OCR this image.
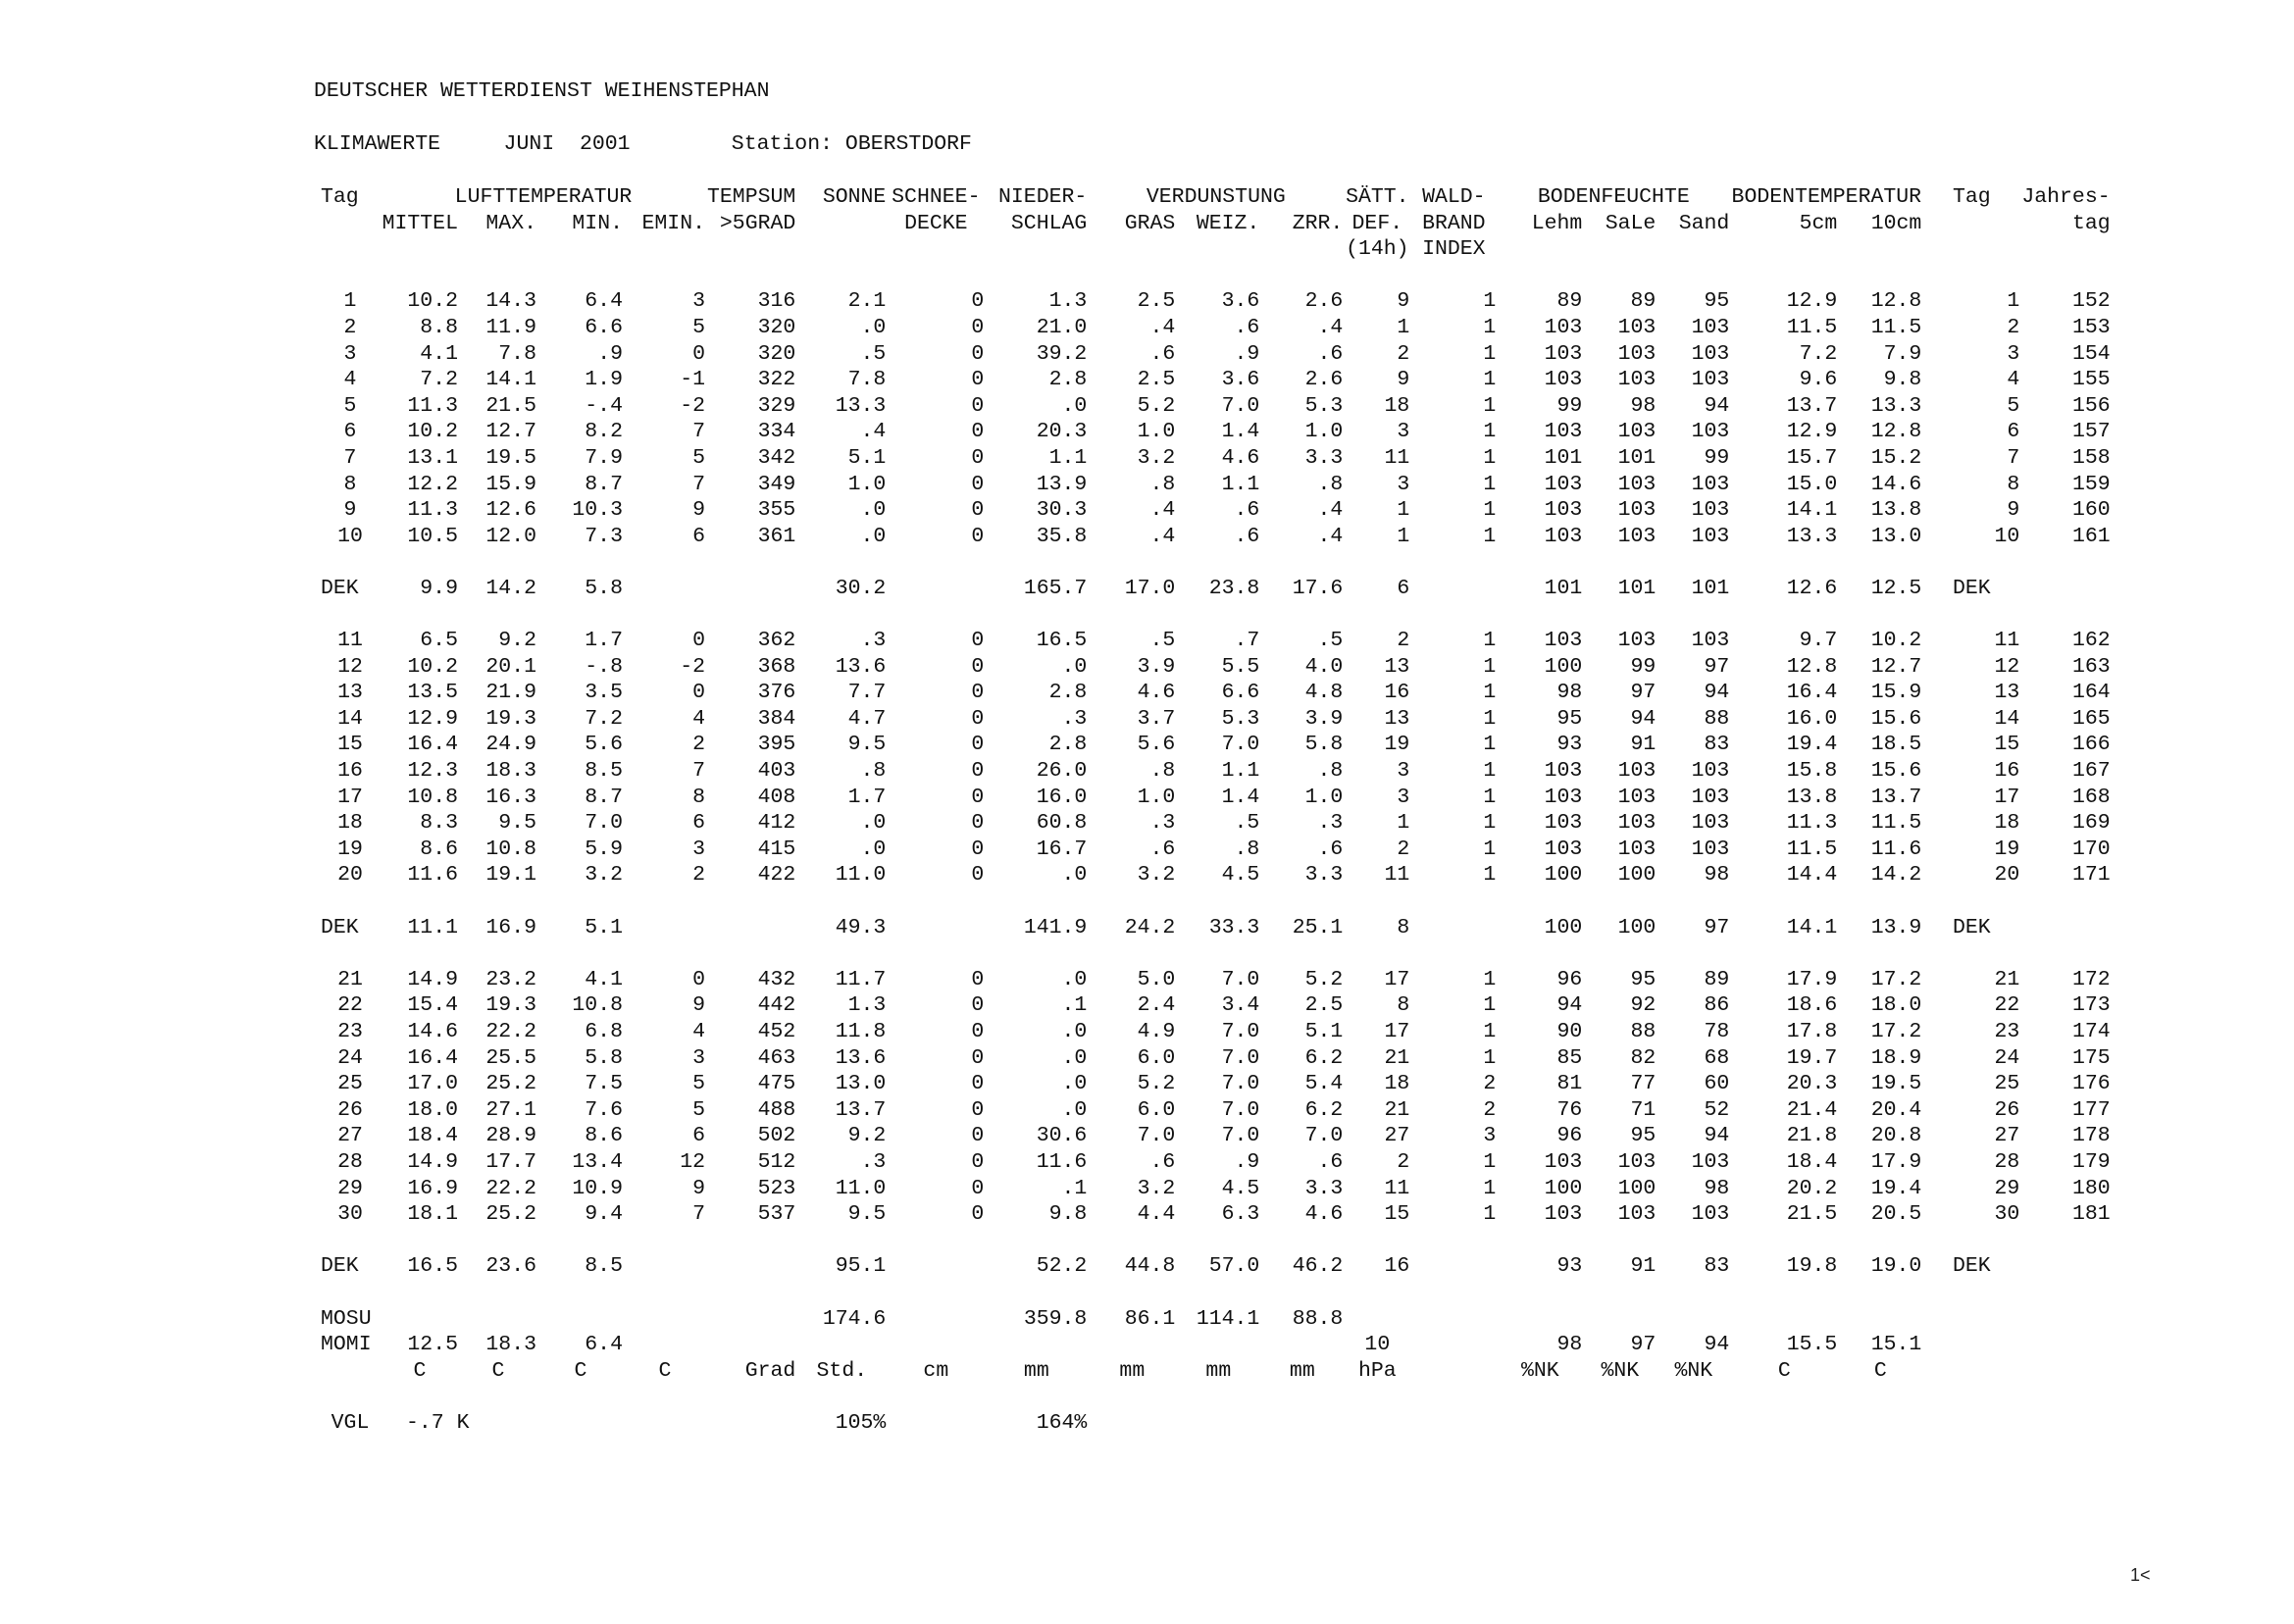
DEUTSCHER WETTERDIENST WEIHENSTEPHAN
KLIMAWERTE	JUNI  2001	Station: OBERSTDORF
Tag	LUFTTEMPERATUR				TEMPSUM	SONNE	SCHNEE-	NIEDER-	VERDUNSTUNG			SÄTT.	WALD-	BODENFEUCHTE			BODENTEMPERATUR		Tag	Jahres-
	MITTEL	MAX.	MIN.	EMIN.	>5GRAD		DECKE	SCHLAG	GRAS	WEIZ.	ZRR.	DEF.	BRAND	Lehm	SaLe	Sand	5cm	10cm		tag
												(14h)	INDEX							

1	10.2	14.3	6.4	3	316	2.1	0	1.3	2.5	3.6	2.6	9	1	89	89	95	12.9	12.8	1	152
2	8.8	11.9	6.6	5	320	.0	0	21.0	.4	.6	.4	1	1	103	103	103	11.5	11.5	2	153
3	4.1	7.8	.9	0	320	.5	0	39.2	.6	.9	.6	2	1	103	103	103	7.2	7.9	3	154
4	7.2	14.1	1.9	-1	322	7.8	0	2.8	2.5	3.6	2.6	9	1	103	103	103	9.6	9.8	4	155
5	11.3	21.5	-.4	-2	329	13.3	0	.0	5.2	7.0	5.3	18	1	99	98	94	13.7	13.3	5	156
6	10.2	12.7	8.2	7	334	.4	0	20.3	1.0	1.4	1.0	3	1	103	103	103	12.9	12.8	6	157
7	13.1	19.5	7.9	5	342	5.1	0	1.1	3.2	4.6	3.3	11	1	101	101	99	15.7	15.2	7	158
8	12.2	15.9	8.7	7	349	1.0	0	13.9	.8	1.1	.8	3	1	103	103	103	15.0	14.6	8	159
9	11.3	12.6	10.3	9	355	.0	0	30.3	.4	.6	.4	1	1	103	103	103	14.1	13.8	9	160
10	10.5	12.0	7.3	6	361	.0	0	35.8	.4	.6	.4	1	1	103	103	103	13.3	13.0	10	161

DEK	9.9	14.2	5.8			30.2		165.7	17.0	23.8	17.6	6		101	101	101	12.6	12.5	DEK	

11	6.5	9.2	1.7	0	362	.3	0	16.5	.5	.7	.5	2	1	103	103	103	9.7	10.2	11	162
12	10.2	20.1	-.8	-2	368	13.6	0	.0	3.9	5.5	4.0	13	1	100	99	97	12.8	12.7	12	163
13	13.5	21.9	3.5	0	376	7.7	0	2.8	4.6	6.6	4.8	16	1	98	97	94	16.4	15.9	13	164
14	12.9	19.3	7.2	4	384	4.7	0	.3	3.7	5.3	3.9	13	1	95	94	88	16.0	15.6	14	165
15	16.4	24.9	5.6	2	395	9.5	0	2.8	5.6	7.0	5.8	19	1	93	91	83	19.4	18.5	15	166
16	12.3	18.3	8.5	7	403	.8	0	26.0	.8	1.1	.8	3	1	103	103	103	15.8	15.6	16	167
17	10.8	16.3	8.7	8	408	1.7	0	16.0	1.0	1.4	1.0	3	1	103	103	103	13.8	13.7	17	168
18	8.3	9.5	7.0	6	412	.0	0	60.8	.3	.5	.3	1	1	103	103	103	11.3	11.5	18	169
19	8.6	10.8	5.9	3	415	.0	0	16.7	.6	.8	.6	2	1	103	103	103	11.5	11.6	19	170
20	11.6	19.1	3.2	2	422	11.0	0	.0	3.2	4.5	3.3	11	1	100	100	98	14.4	14.2	20	171

DEK	11.1	16.9	5.1			49.3		141.9	24.2	33.3	25.1	8		100	100	97	14.1	13.9	DEK	

21	14.9	23.2	4.1	0	432	11.7	0	.0	5.0	7.0	5.2	17	1	96	95	89	17.9	17.2	21	172
22	15.4	19.3	10.8	9	442	1.3	0	.1	2.4	3.4	2.5	8	1	94	92	86	18.6	18.0	22	173
23	14.6	22.2	6.8	4	452	11.8	0	.0	4.9	7.0	5.1	17	1	90	88	78	17.8	17.2	23	174
24	16.4	25.5	5.8	3	463	13.6	0	.0	6.0	7.0	6.2	21	1	85	82	68	19.7	18.9	24	175
25	17.0	25.2	7.5	5	475	13.0	0	.0	5.2	7.0	5.4	18	2	81	77	60	20.3	19.5	25	176
26	18.0	27.1	7.6	5	488	13.7	0	.0	6.0	7.0	6.2	21	2	76	71	52	21.4	20.4	26	177
27	18.4	28.9	8.6	6	502	9.2	0	30.6	7.0	7.0	7.0	27	3	96	95	94	21.8	20.8	27	178
28	14.9	17.7	13.4	12	512	.3	0	11.6	.6	.9	.6	2	1	103	103	103	18.4	17.9	28	179
29	16.9	22.2	10.9	9	523	11.0	0	.1	3.2	4.5	3.3	11	1	100	100	98	20.2	19.4	29	180
30	18.1	25.2	9.4	7	537	9.5	0	9.8	4.4	6.3	4.6	15	1	103	103	103	21.5	20.5	30	181

DEK	16.5	23.6	8.5			95.1		52.2	44.8	57.0	46.2	16		93	91	83	19.8	19.0	DEK	

MOSU						174.6		359.8	86.1	114.1	88.8									
MOMI	12.5	18.3	6.4									10		98	97	94	15.5	15.1		
	C	C	C	C	Grad	Std.	cm	mm	mm	mm	mm	hPa		%NK	%NK	%NK	C	C		

VGL	-.7 K					105%		164%												
1<
